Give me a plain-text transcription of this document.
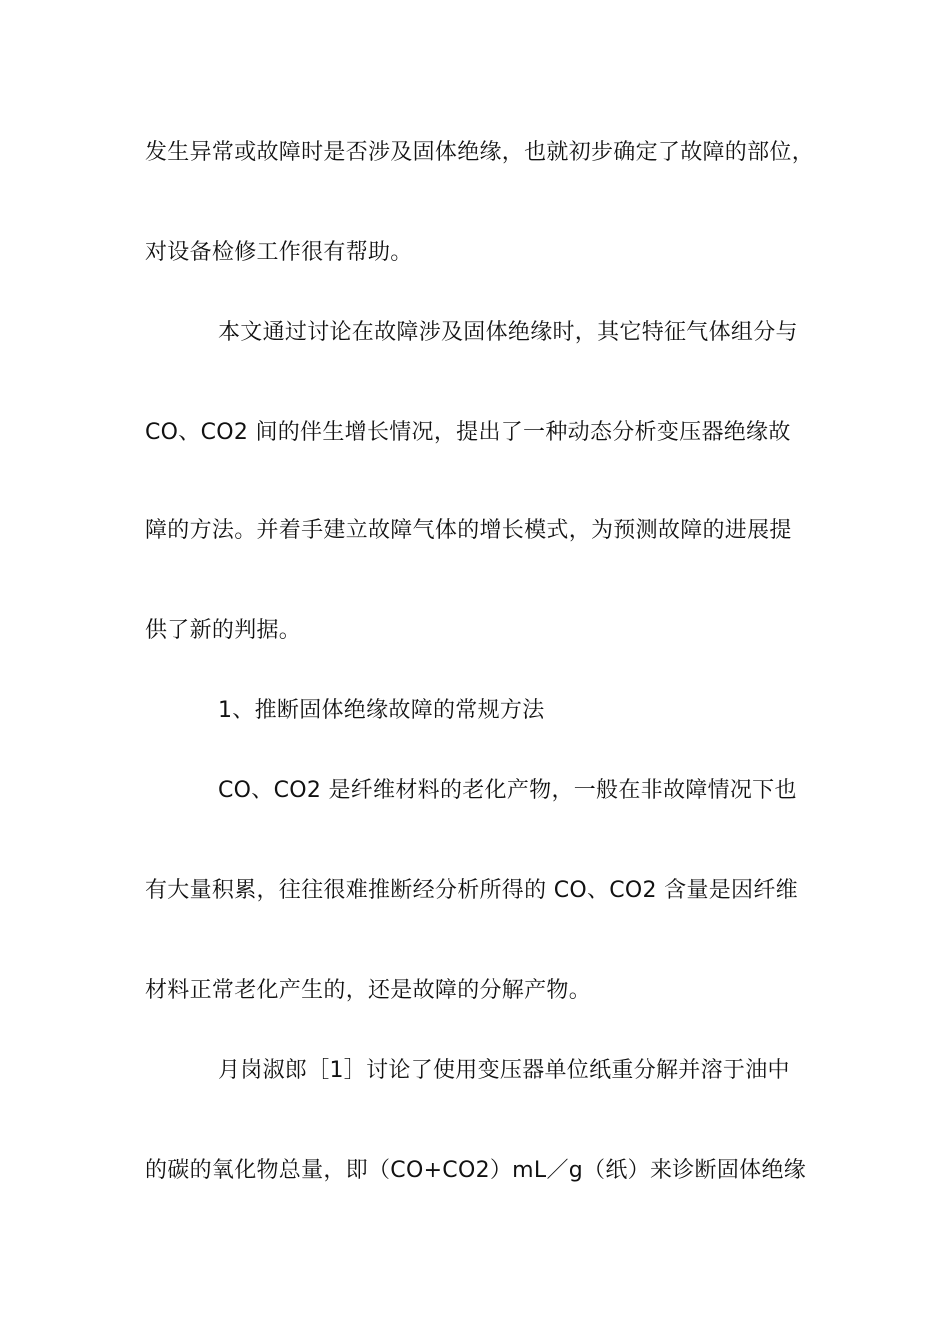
发生异常或故障时是否涉及固体绝缘，也就初步确定了故障的部位，
对设备检修工作很有帮助。
本文通过讨论在故障涉及固体绝缘时，其它特征气体组分与
CO、CO2 间的伴生增长情况，提出了一种动态分析变压器绝缘故
障的方法。并着手建立故障气体的增长模式，为预测故障的进展提
供了新的判据。
1、推断固体绝缘故障的常规方法
CO、CO2 是纤维材料的老化产物，一般在非故障情况下也
有大量积累，往往很难推断经分析所得的 CO、CO2 含量是因纤维
材料正常老化产生的，还是故障的分解产物。
月岗淑郎［1］讨论了使用变压器单位纸重分解并溶于油中
的碳的氧化物总量，即（CO+CO2）mL／g（纸）来诊断固体绝缘
